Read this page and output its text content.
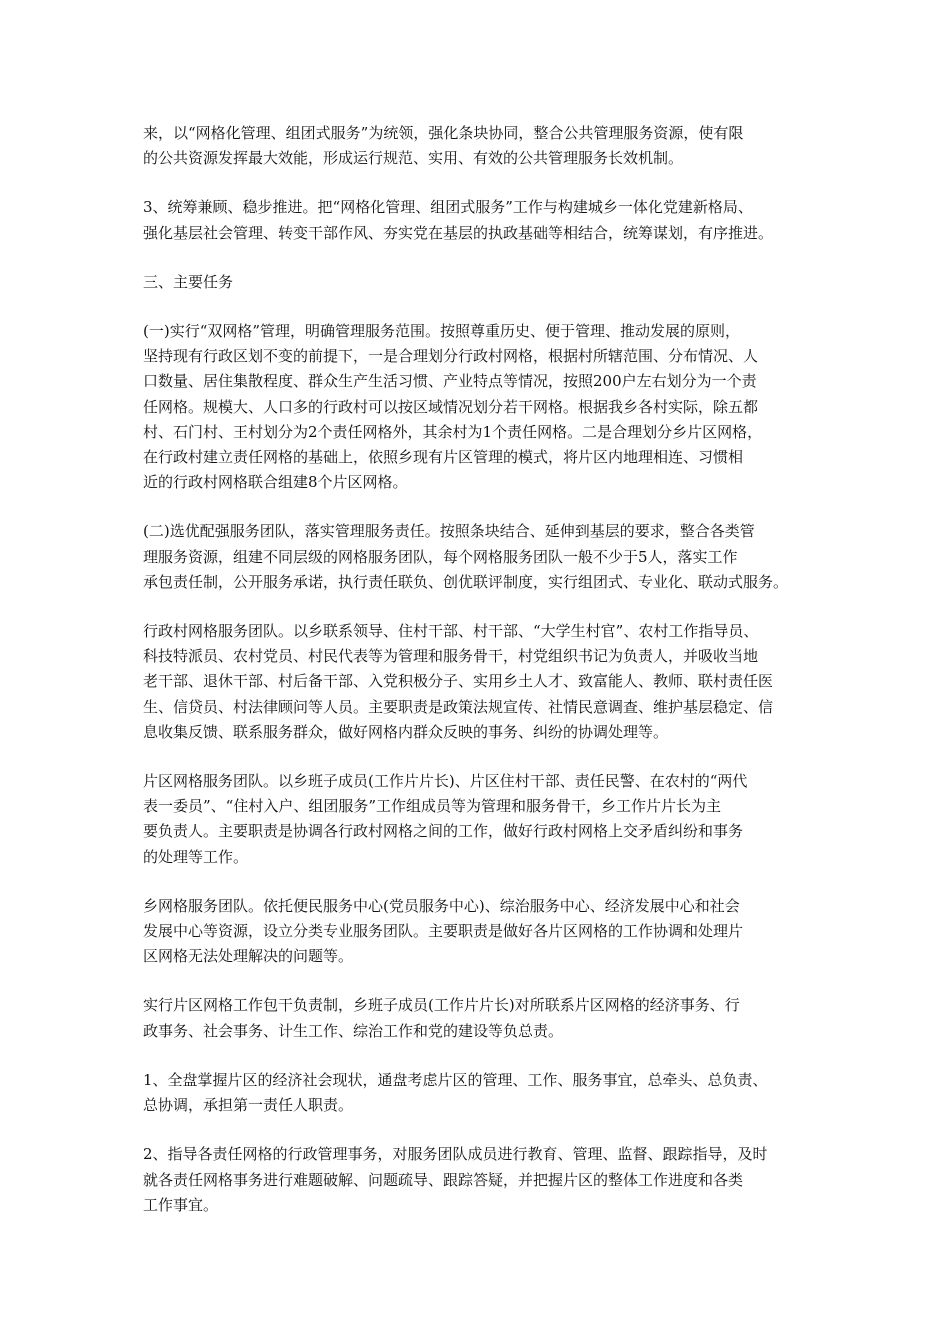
来，以“网格化管理、组团式服务”为统领，强化条块协同，整合公共管理服务资源，使有限
的公共资源发挥最大效能，形成运行规范、实用、有效的公共管理服务长效机制。
3、统筹兼顾、稳步推进。把“网格化管理、组团式服务”工作与构建城乡一体化党建新格局、
强化基层社会管理、转变干部作风、夯实党在基层的执政基础等相结合，统筹谋划，有序推进。
三、主要任务
(一)实行“双网格”管理，明确管理服务范围。按照尊重历史、便于管理、推动发展的原则，
坚持现有行政区划不变的前提下，一是合理划分行政村网格，根据村所辖范围、分布情况、人
口数量、居住集散程度、群众生产生活习惯、产业特点等情况，按照200户左右划分为一个责
任网格。规模大、人口多的行政村可以按区域情况划分若干网格。根据我乡各村实际，除五都
村、石门村、王村划分为2个责任网格外，其余村为1个责任网格。二是合理划分乡片区网格，
在行政村建立责任网格的基础上，依照乡现有片区管理的模式，将片区内地理相连、习惯相
近的行政村网格联合组建8个片区网格。
(二)选优配强服务团队，落实管理服务责任。按照条块结合、延伸到基层的要求，整合各类管
理服务资源，组建不同层级的网格服务团队，每个网格服务团队一般不少于5人，落实工作
承包责任制，公开服务承诺，执行责任联负、创优联评制度，实行组团式、专业化、联动式服务。
行政村网格服务团队。以乡联系领导、住村干部、村干部、“大学生村官”、农村工作指导员、
科技特派员、农村党员、村民代表等为管理和服务骨干，村党组织书记为负责人，并吸收当地
老干部、退休干部、村后备干部、入党积极分子、实用乡土人才、致富能人、教师、联村责任医
生、信贷员、村法律顾问等人员。主要职责是政策法规宣传、社情民意调查、维护基层稳定、信
息收集反馈、联系服务群众，做好网格内群众反映的事务、纠纷的协调处理等。
片区网格服务团队。以乡班子成员(工作片片长)、片区住村干部、责任民警、在农村的“两代
表一委员”、“住村入户、组团服务”工作组成员等为管理和服务骨干，乡工作片片长为主
要负责人。主要职责是协调各行政村网格之间的工作，做好行政村网格上交矛盾纠纷和事务
的处理等工作。
乡网格服务团队。依托便民服务中心(党员服务中心)、综治服务中心、经济发展中心和社会
发展中心等资源，设立分类专业服务团队。主要职责是做好各片区网格的工作协调和处理片
区网格无法处理解决的问题等。
实行片区网格工作包干负责制，乡班子成员(工作片片长)对所联系片区网格的经济事务、行
政事务、社会事务、计生工作、综治工作和党的建设等负总责。
1、全盘掌握片区的经济社会现状，通盘考虑片区的管理、工作、服务事宜，总牵头、总负责、
总协调，承担第一责任人职责。
2、指导各责任网格的行政管理事务，对服务团队成员进行教育、管理、监督、跟踪指导，及时
就各责任网格事务进行难题破解、问题疏导、跟踪答疑，并把握片区的整体工作进度和各类
工作事宜。
